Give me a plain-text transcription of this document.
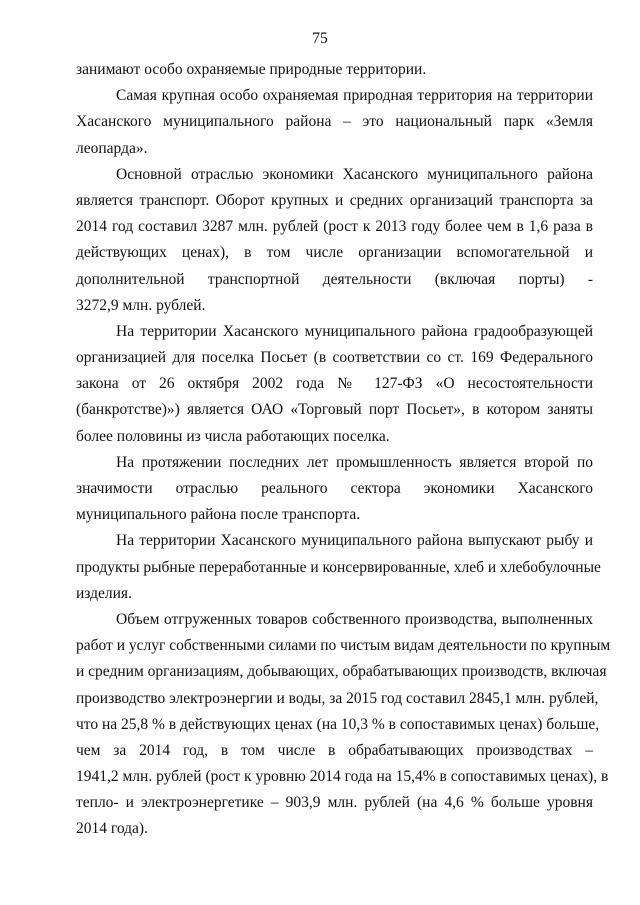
75
занимают особо охраняемые природные территории.
Самая крупная особо охраняемая природная территория на территории
Хасанского муниципального района – это национальный парк «Земля
леопарда».
Основной отраслью экономики Хасанского муниципального района
является транспорт. Оборот крупных и средних организаций транспорта за
2014 год составил 3287 млн. рублей (рост к 2013 году более чем в 1,6 раза в
действующих ценах), в том числе организации вспомогательной и
дополнительной транспортной деятельности (включая порты) -
3272,9 млн. рублей.
На территории Хасанского муниципального района градообразующей
организацией для поселка Посьет (в соответствии со ст. 169 Федерального
закона от 26 октября 2002 года № 127-ФЗ «О несостоятельности
(банкротстве)») является ОАО «Торговый порт Посьет», в котором заняты
более половины из числа работающих поселка.
На протяжении последних лет промышленность является второй по
значимости отраслью реального сектора экономики Хасанского
муниципального района после транспорта.
На территории Хасанского муниципального района выпускают рыбу и
продукты рыбные переработанные и консервированные, хлеб и хлебобулочные
изделия.
Объем отгруженных товаров собственного производства, выполненных
работ и услуг собственными силами по чистым видам деятельности по крупным
и средним организациям, добывающих, обрабатывающих производств, включая
производство электроэнергии и воды, за 2015 год составил 2845,1 млн. рублей,
что на 25,8 % в действующих ценах (на 10,3 % в сопоставимых ценах) больше,
чем за 2014 год, в том числе в обрабатывающих производствах –
1941,2 млн. рублей (рост к уровню 2014 года на 15,4% в сопоставимых ценах), в
тепло- и электроэнергетике – 903,9 млн. рублей (на 4,6 % больше уровня
2014 года).
